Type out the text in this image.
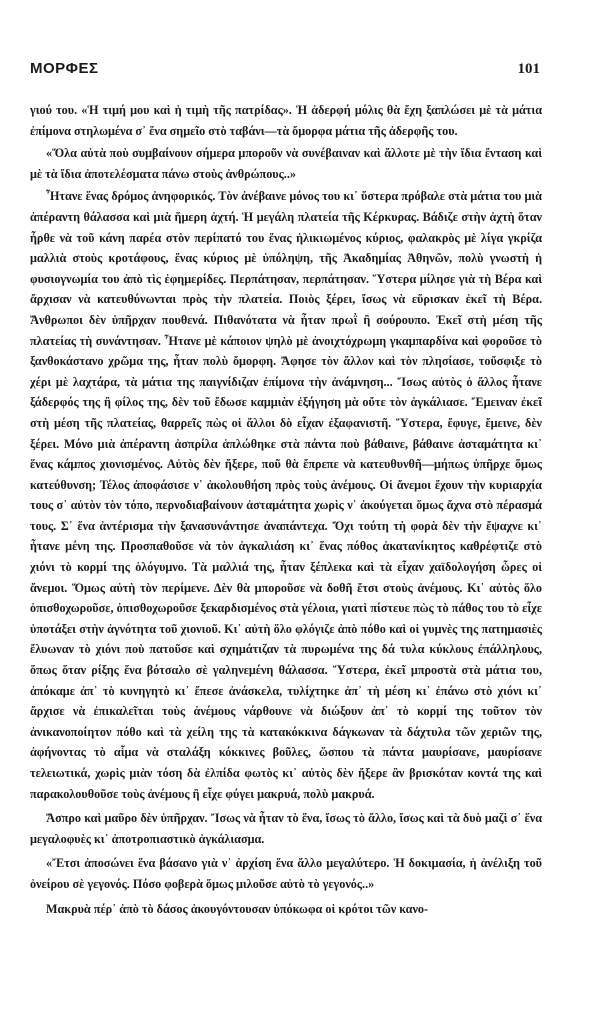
ΜΟΡΦΕΣ	101

γιού του. «Ἡ τιμή μου καὶ ἡ τιμὴ τῆς πατρίδας». Ἡ ἀδερφή μόλις θὰ ἔχη ξαπλώσει μὲ τὰ μάτια ἐπίμονα στηλωμένα σ᾿ ἕνα σημεῖο στὸ ταβάνι—τὰ ὄμορφα μάτια τῆς ἀδερφῆς του.

«Ὅλα αὐτὰ ποὺ συμβαίνουν σήμερα μποροῦν νὰ συνέβαιναν καὶ ἄλλοτε μὲ τὴν ἴδια ἔνταση καὶ μὲ τὰ ἴδια ἀποτελέσματα πάνω στοὺς ἀνθρώπους..»

Ἦτανε ἕνας δρόμος ἀνηφορικός. Τὸν ἀνέβαινε μόνος του κι᾿ ὕστερα πρόβαλε στὰ μάτια του μιὰ ἀπέραντη θάλασσα καὶ μιὰ ἥμερη ἀχτή. Ἡ μεγάλη πλατεία τῆς Κέρκυρας. Βάδιζε στὴν ἀχτὴ ὅταν ἦρθε νὰ τοῦ κάνη παρέα στὸν περίπατό του ἕνας ἡλικιωμένος κύριος, φαλακρὸς μὲ λίγα γκρίζα μαλλιὰ στοὺς κροτάφους, ἕνας κύριος μὲ ὑπόληψη, τῆς Ἀκαδημίας Ἀθηνῶν, πολὺ γνωστὴ ἡ φυσιογνωμία του ἀπὸ τὶς ἐφημερίδες. Περπάτησαν, περπάτησαν. Ὕστερα μίλησε γιὰ τὴ Βέρα καὶ ἄρχισαν νὰ κατευθύνωνται πρὸς τὴν πλατεία. Ποιὸς ξέρει, ἴσως νὰ εὕρισκαν ἐκεῖ τὴ Βέρα. Ἄνθρωποι δὲν ὑπῆρχαν πουθενά. Πιθανότατα νὰ ἦταν πρωῒ ἢ σούρουπο. Ἐκεῖ στὴ μέση τῆς πλατείας τὴ συνάντησαν. Ἦτανε μὲ κάποιον ψηλὸ μὲ ἀνοιχτόχρωμη γκαμπαρδίνα καὶ φοροῦσε τὸ ξανθοκάστανο χρῶμα της, ἦταν πολὺ ὄμορφη. Ἄφησε τὸν ἄλλον καὶ τὸν πλησίασε, τοὔσφιξε τὸ χέρι μὲ λαχτάρα, τὰ μάτια της παιγνίδιζαν ἐπίμονα τὴν ἀνάμνηση... Ἴσως αὐτὸς ὁ ἄλλος ἦτανε ξάδερφός της ἢ φίλος της, δὲν τοῦ ἔδωσε καμμιὰν ἐξήγηση μὰ οὔτε τὸν ἀγκάλιασε. Ἔμειναν ἐκεῖ στὴ μέση τῆς πλατείας, θαρρεῖς πὼς οἱ ἄλλοι δὸ εἶχαν ἐξαφανιστῆ. Ὕστερα, ἔφυγε, ἔμεινε, δὲν ξέρει. Μόνο μιὰ ἀπέραντη ἀσπρίλα ἁπλώθηκε στὰ πάντα ποὺ βάθαινε, βάθαινε ἀσταμάτητα κι᾿ ἕνας κάμπος χιονισμένος. Αὐτὸς δὲν ἤξερε, ποῦ θὰ ἔπρεπε νὰ κατευθυνθῆ—μήπως ὑπῆρχε ὅμως κατεύθυνση; Τέλος ἀποφάσισε ν᾿ ἀκολουθήση πρὸς τοὺς ἀνέμους. Οἱ ἄνεμοι ἔχουν τὴν κυριαρχία τους σ᾿ αὐτὸν τὸν τόπο, περνοδιαβαίνουν ἀσταμάτητα χωρὶς ν᾿ ἀκούγεται ὅμως ἄχνα στὸ πέρασμά τους. Σ᾿ ἕνα ἀντέρισμα τὴν ξανασυνάντησε ἀναπάντεχα. Ὄχι τούτη τὴ φορὰ δὲν τὴν ἔψαχνε κι᾿ ἦτανε μένη της. Προσπαθοῦσε νὰ τὸν ἀγκαλιάση κι᾿ ἕνας πόθος ἀκατανίκητος καθρέφτιζε στὸ χιόνι τὸ κορμί της ὁλόγυμνο. Τὰ μαλλιά της, ἦταν ξέπλεκα καὶ τὰ εἶχαν χαϊδολογήση ὧρες οἱ ἄνεμοι. Ὅμως αὐτὴ τὸν περίμενε. Δὲν θὰ μποροῦσε νὰ δοθῆ ἔτσι στοὺς ἀνέμους. Κι᾿ αὐτὸς ὅλο ὀπισθοχωροῦσε, ὀπισθοχωροῦσε ξεκαρδισμένος στὰ γέλοια, γιατὶ πίστευε πὼς τὸ πάθος του τὸ εἶχε ὑποτάξει στὴν ἀγνότητα τοῦ χιονιοῦ. Κι᾿ αὐτὴ ὅλο φλόγιζε ἀπὸ πόθο καὶ οἱ γυμνὲς της πατημασιὲς ἔλυωναν τὸ χιόνι ποὺ πατοῦσε καὶ σχημάτιζαν τὰ πυρωμένα της δά τυλα κύκλους ἐπάλληλους, ὅπως ὅταν ρίξης ἕνα βότσαλο σὲ γαληνεμένη θάλασσα. Ὕστερα, ἐκεῖ μπροστὰ στὰ μάτια του, ἀπόκαμε ἀπ᾿ τὸ κυνηγητὸ κι᾿ ἔπεσε ἀνάσκελα, τυλίχτηκε ἀπ᾿ τὴ μέση κι᾿ ἐπάνω στὸ χιόνι κι᾿ ἄρχισε νὰ ἐπικαλεῖται τοὺς ἀνέμους νάρθουνε νὰ διώξουν ἀπ᾿ τὸ κορμί της τοῦτον τὸν ἀνικανοποίητον πόθο καὶ τὰ χείλη της τὰ κατακόκκινα δάγκωναν τὰ δάχτυλα τῶν χεριῶν της, ἀφήνοντας τὸ αἷμα νὰ σταλάξη κόκκινες βοῦλες, ὥσπου τὰ πάντα μαυρίσανε, μαυρίσανε τελειωτικά, χωρὶς μιὰν τόση δὰ ἐλπίδα φωτὸς κι᾿ αὐτὸς δὲν ἤξερε ἂν βρισκόταν κοντά της καὶ παρακολουθοῦσε τοὺς ἀνέμους ἢ εἶχε φύγει μακρυά, πολὺ μακρυά.

Ἄσπρο καὶ μαῦρο δὲν ὑπῆρχαν. Ἴσως νὰ ἦταν τὸ ἕνα, ἴσως τὸ ἄλλο, ἴσως καὶ τὰ δυὸ μαζὶ σ᾿ ἕνα μεγαλοφυὲς κι᾿ ἀποτροπιαστικὸ ἀγκάλιασμα.

«Ἔτσι ἀποσώνει ἕνα βάσανο γιὰ ν᾿ ἀρχίση ἕνα ἄλλο μεγαλύτερο. Ἡ δοκιμασία, ἡ ἀνέλιξη τοῦ ὀνείρου σὲ γεγονός. Πόσο φοβερὰ ὅμως μιλοῦσε αὐτὸ τὸ γεγονός..»

Μακρυὰ πέρ᾿ ἀπὸ τὸ δάσος ἀκουγόντουσαν ὑπόκωφα οἱ κρότοι τῶν κανο-
